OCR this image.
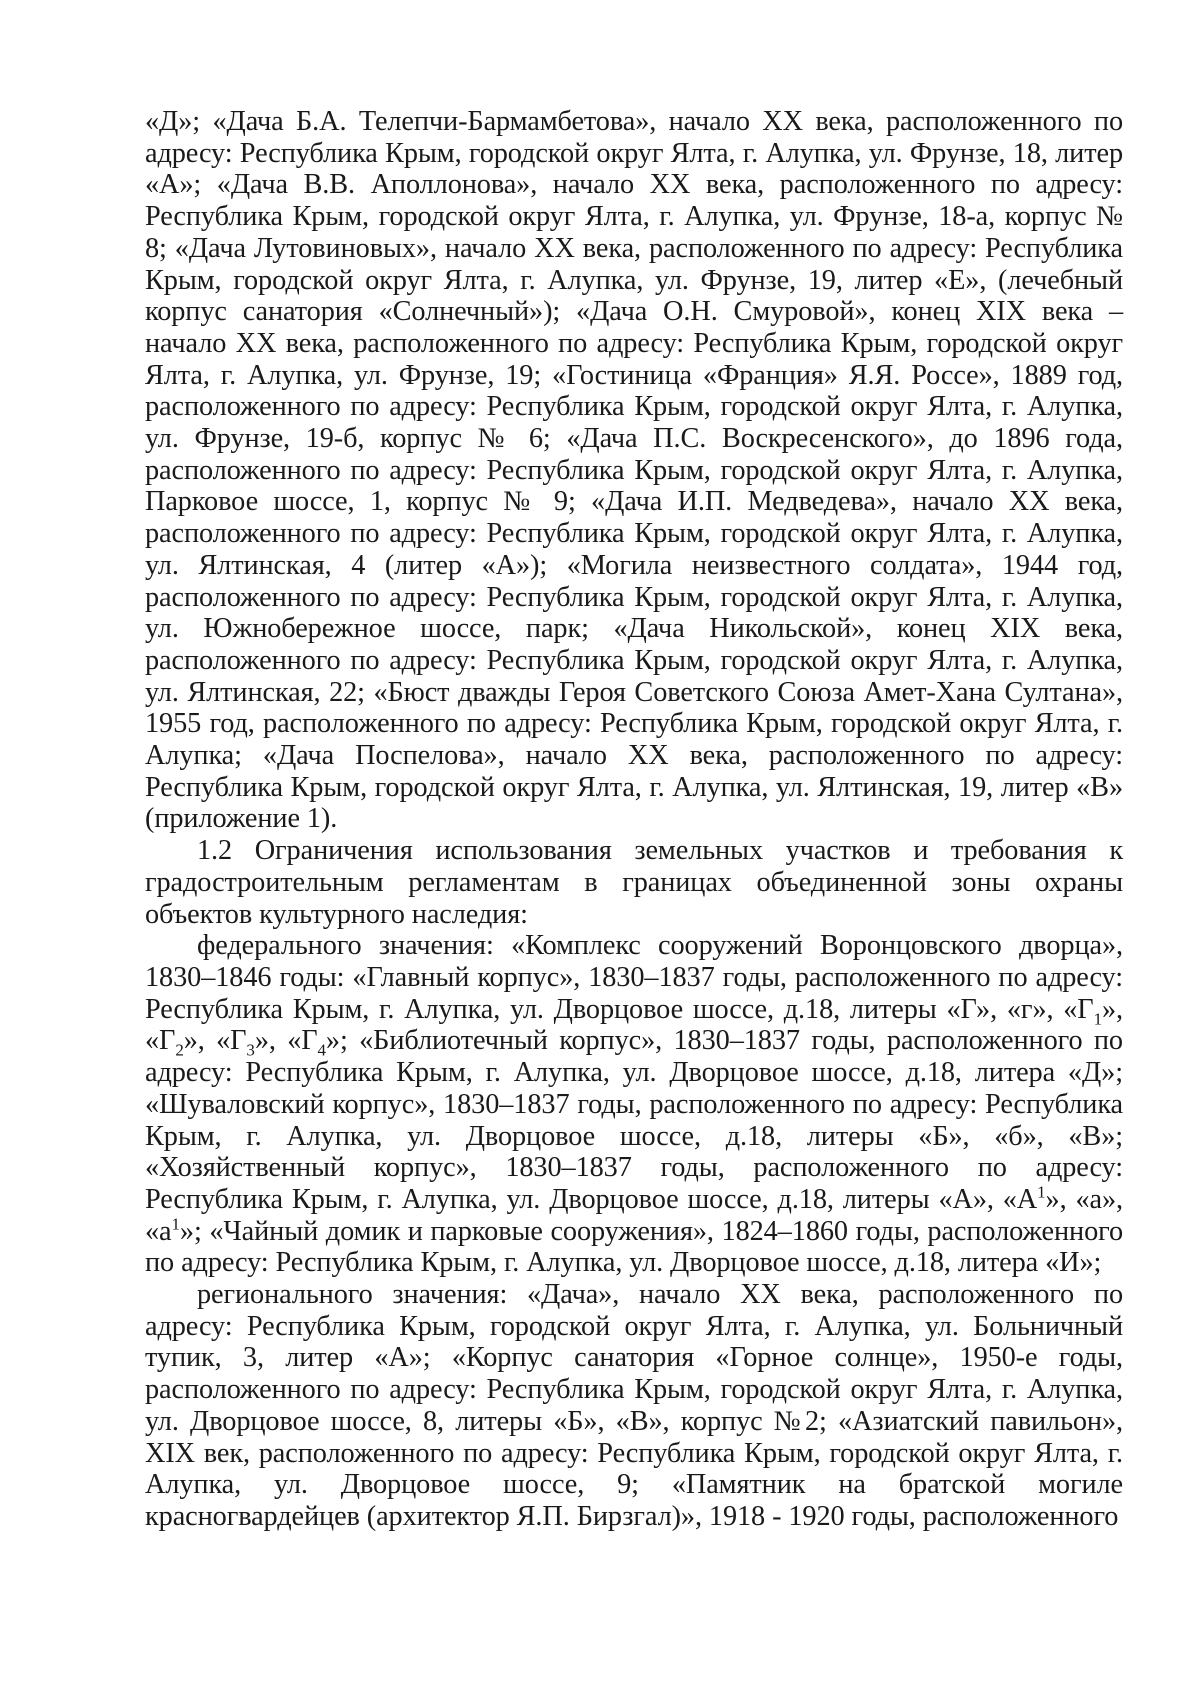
«Д»; «Дача Б.А. Телепчи-Бармамбетова», начало XX века, расположенного по адресу: Республика Крым, городской округ Ялта, г. Алупка, ул. Фрунзе, 18, литер «А»; «Дача В.В. Аполлонова», начало XX века, расположенного по адресу: Республика Крым, городской округ Ялта, г. Алупка, ул. Фрунзе, 18-а, корпус № 8; «Дача Лутовиновых», начало XX века, расположенного по адресу: Республика Крым, городской округ Ялта, г. Алупка, ул. Фрунзе, 19, литер «Е», (лечебный корпус санатория «Солнечный»); «Дача О.Н. Смуровой», конец XIX века – начало XX века, расположенного по адресу: Республика Крым, городской округ Ялта, г. Алупка, ул. Фрунзе, 19; «Гостиница «Франция» Я.Я. Россе», 1889 год, расположенного по адресу: Республика Крым, городской округ Ялта, г. Алупка, ул. Фрунзе, 19-б, корпус № 6; «Дача П.С. Воскресенского», до 1896 года, расположенного по адресу: Республика Крым, городской округ Ялта, г. Алупка, Парковое шоссе, 1, корпус № 9; «Дача И.П. Медведева», начало XX века, расположенного по адресу: Республика Крым, городской округ Ялта, г. Алупка, ул. Ялтинская, 4 (литер «А»); «Могила неизвестного солдата», 1944 год, расположенного по адресу: Республика Крым, городской округ Ялта, г. Алупка, ул. Южнобережное шоссе, парк; «Дача Никольской», конец XIX века, расположенного по адресу: Республика Крым, городской округ Ялта, г. Алупка, ул. Ялтинская, 22; «Бюст дважды Героя Советского Союза Амет-Хана Султана», 1955 год, расположенного по адресу: Республика Крым, городской округ Ялта, г. Алупка; «Дача Поспелова», начало XX века, расположенного по адресу: Республика Крым, городской округ Ялта, г. Алупка, ул. Ялтинская, 19, литер «В» (приложение 1).

1.2 Ограничения использования земельных участков и требования к градостроительным регламентам в границах объединенной зоны охраны объектов культурного наследия:

федерального значения: «Комплекс сооружений Воронцовского дворца», 1830–1846 годы: «Главный корпус», 1830–1837 годы, расположенного по адресу: Республика Крым, г. Алупка, ул. Дворцовое шоссе, д.18, литеры «Г», «г», «$Г_1$», «$Г_2$», «$Г_3$», «$Г_4$»; «Библиотечный корпус», 1830–1837 годы, расположенного по адресу: Республика Крым, г. Алупка, ул. Дворцовое шоссе, д.18, литера «Д»; «Шуваловский корпус», 1830–1837 годы, расположенного по адресу: Республика Крым, г. Алупка, ул. Дворцовое шоссе, д.18, литеры «Б», «б», «В»; «Хозяйственный корпус», 1830–1837 годы, расположенного по адресу: Республика Крым, г. Алупка, ул. Дворцовое шоссе, д.18, литеры «А», «$А^1$», «а», «$а^1$»; «Чайный домик и парковые сооружения», 1824–1860 годы, расположенного по адресу: Республика Крым, г. Алупка, ул. Дворцовое шоссе, д.18, литера «И»;

регионального значения: «Дача», начало XX века, расположенного по адресу: Республика Крым, городской округ Ялта, г. Алупка, ул. Больничный тупик, 3, литер «А»; «Корпус санатория «Горное солнце», 1950-е годы, расположенного по адресу: Республика Крым, городской округ Ялта, г. Алупка, ул. Дворцовое шоссе, 8, литеры «Б», «В», корпус №2; «Азиатский павильон», XIX век, расположенного по адресу: Республика Крым, городской округ Ялта, г. Алупка, ул. Дворцовое шоссе, 9; «Памятник на братской могиле красногвардейцев (архитектор Я.П. Бирзгал)», 1918 - 1920 годы, расположенного
